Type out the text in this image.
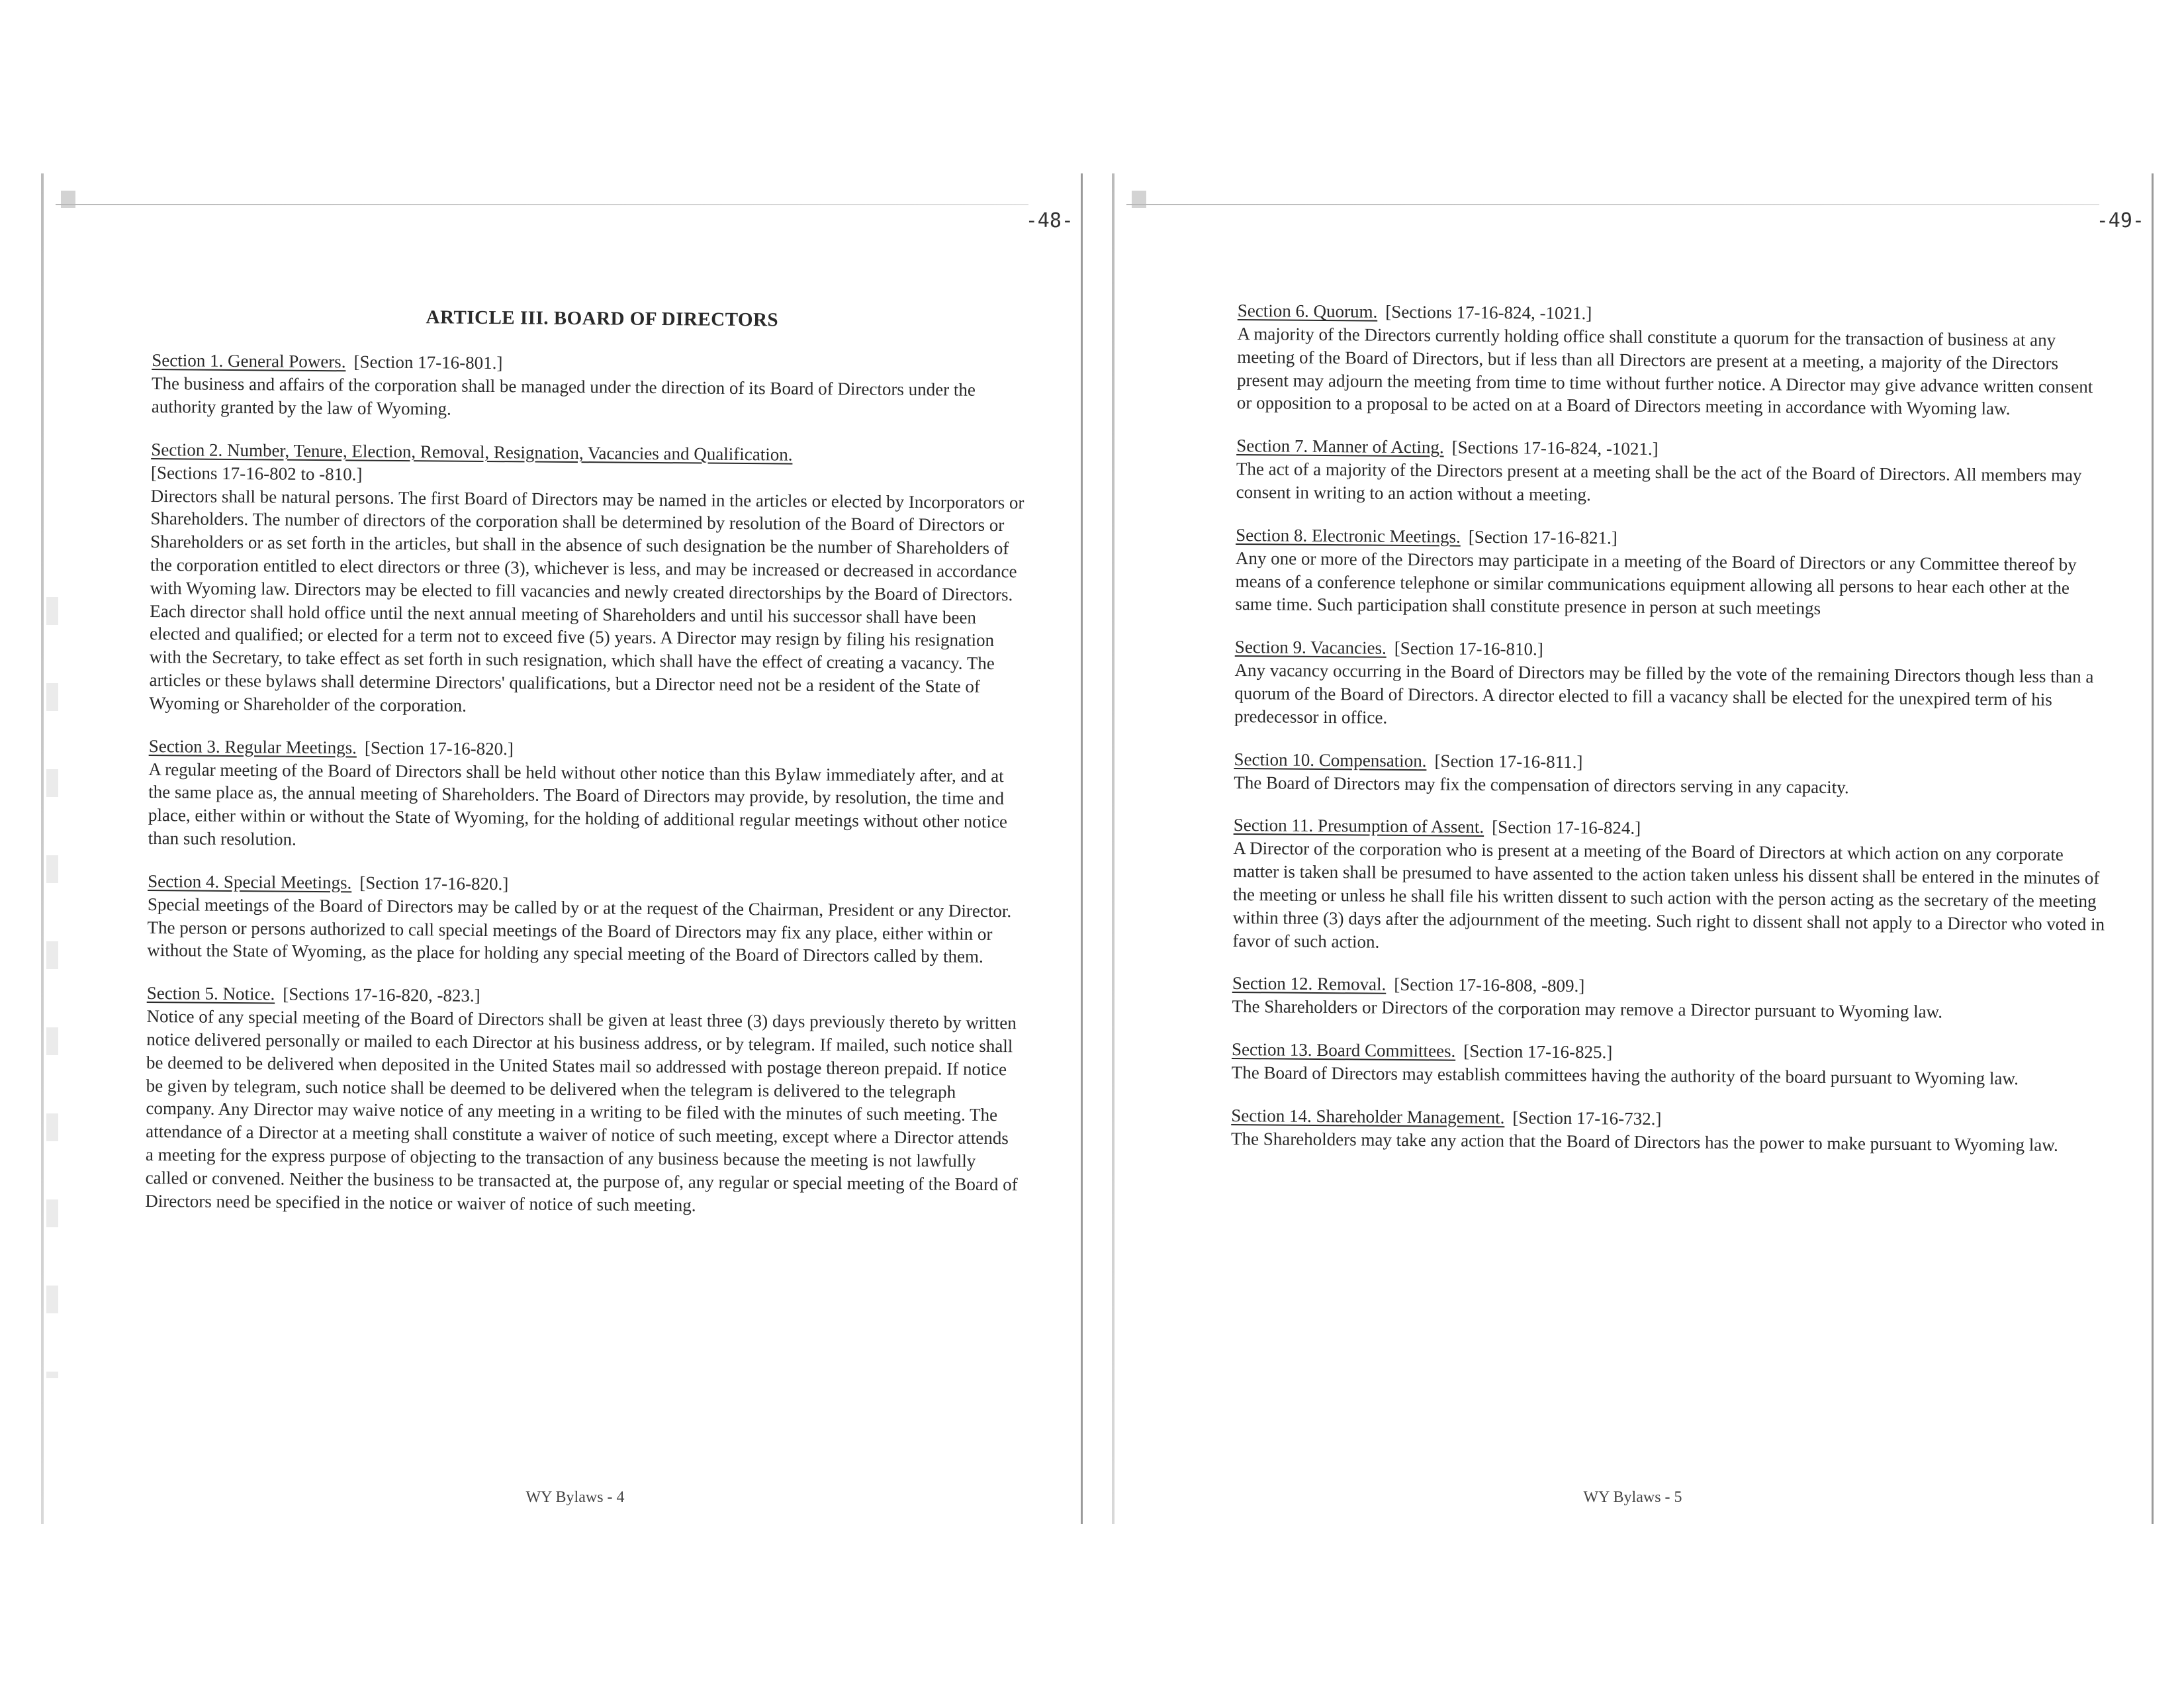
-48-
ARTICLE III. BOARD OF DIRECTORS
Section 1. General Powers. [Section 17-16-801.]
The business and affairs of the corporation shall be managed under the direction of its Board of Directors under the authority granted by the law of Wyoming.
Section 2. Number, Tenure, Election, Removal, Resignation, Vacancies and Qualification.
[Sections 17-16-802 to -810.]
Directors shall be natural persons. The first Board of Directors may be named in the articles or elected by Incorporators or Shareholders. The number of directors of the corporation shall be determined by resolution of the Board of Directors or Shareholders or as set forth in the articles, but shall in the absence of such designation be the number of Shareholders of the corporation entitled to elect directors or three (3), whichever is less, and may be increased or decreased in accordance with Wyoming law. Directors may be elected to fill vacancies and newly created directorships by the Board of Directors. Each director shall hold office until the next annual meeting of Shareholders and until his successor shall have been elected and qualified; or elected for a term not to exceed five (5) years. A Director may resign by filing his resignation with the Secretary, to take effect as set forth in such resignation, which shall have the effect of creating a vacancy. The articles or these bylaws shall determine Directors' qualifications, but a Director need not be a resident of the State of Wyoming or Shareholder of the corporation.
Section 3. Regular Meetings. [Section 17-16-820.]
A regular meeting of the Board of Directors shall be held without other notice than this Bylaw immediately after, and at the same place as, the annual meeting of Shareholders. The Board of Directors may provide, by resolution, the time and place, either within or without the State of Wyoming, for the holding of additional regular meetings without other notice than such resolution.
Section 4. Special Meetings. [Section 17-16-820.]
Special meetings of the Board of Directors may be called by or at the request of the Chairman, President or any Director. The person or persons authorized to call special meetings of the Board of Directors may fix any place, either within or without the State of Wyoming, as the place for holding any special meeting of the Board of Directors called by them.
Section 5. Notice. [Sections 17-16-820, -823.]
Notice of any special meeting of the Board of Directors shall be given at least three (3) days previously thereto by written notice delivered personally or mailed to each Director at his business address, or by telegram. If mailed, such notice shall be deemed to be delivered when deposited in the United States mail so addressed with postage thereon prepaid. If notice be given by telegram, such notice shall be deemed to be delivered when the telegram is delivered to the telegraph company. Any Director may waive notice of any meeting in a writing to be filed with the minutes of such meeting. The attendance of a Director at a meeting shall constitute a waiver of notice of such meeting, except where a Director attends a meeting for the express purpose of objecting to the transaction of any business because the meeting is not lawfully called or convened. Neither the business to be transacted at, the purpose of, any regular or special meeting of the Board of Directors need be specified in the notice or waiver of notice of such meeting.
WY Bylaws - 4
-49-
Section 6. Quorum. [Sections 17-16-824, -1021.]
A majority of the Directors currently holding office shall constitute a quorum for the transaction of business at any meeting of the Board of Directors, but if less than all Directors are present at a meeting, a majority of the Directors present may adjourn the meeting from time to time without further notice. A Director may give advance written consent or opposition to a proposal to be acted on at a Board of Directors meeting in accordance with Wyoming law.
Section 7. Manner of Acting. [Sections 17-16-824, -1021.]
The act of a majority of the Directors present at a meeting shall be the act of the Board of Directors. All members may consent in writing to an action without a meeting.
Section 8. Electronic Meetings. [Section 17-16-821.]
Any one or more of the Directors may participate in a meeting of the Board of Directors or any Committee thereof by means of a conference telephone or similar communications equipment allowing all persons to hear each other at the same time. Such participation shall constitute presence in person at such meetings
Section 9. Vacancies. [Section 17-16-810.]
Any vacancy occurring in the Board of Directors may be filled by the vote of the remaining Directors though less than a quorum of the Board of Directors. A director elected to fill a vacancy shall be elected for the unexpired term of his predecessor in office.
Section 10. Compensation. [Section 17-16-811.]
The Board of Directors may fix the compensation of directors serving in any capacity.
Section 11. Presumption of Assent. [Section 17-16-824.]
A Director of the corporation who is present at a meeting of the Board of Directors at which action on any corporate matter is taken shall be presumed to have assented to the action taken unless his dissent shall be entered in the minutes of the meeting or unless he shall file his written dissent to such action with the person acting as the secretary of the meeting within three (3) days after the adjournment of the meeting. Such right to dissent shall not apply to a Director who voted in favor of such action.
Section 12. Removal. [Section 17-16-808, -809.]
The Shareholders or Directors of the corporation may remove a Director pursuant to Wyoming law.
Section 13. Board Committees. [Section 17-16-825.]
The Board of Directors may establish committees having the authority of the board pursuant to Wyoming law.
Section 14. Shareholder Management. [Section 17-16-732.]
The Shareholders may take any action that the Board of Directors has the power to make pursuant to Wyoming law.
WY Bylaws - 5
